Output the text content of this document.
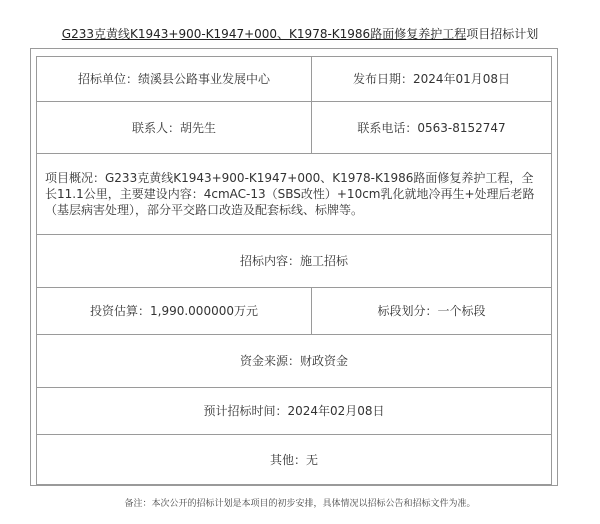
G233克黄线K1943+900-K1947+000、K1978-K1986路面修复养护工程项目招标计划
招标单位：绩溪县公路事业发展中心	发布日期：2024年01月08日
联系人：胡先生	联系电话：0563-8152747
项目概况：G233克黄线K1943+900-K1947+000、K1978-K1986路面修复养护工程，全长11.1公里，主要建设内容：4cmAC-13（SBS改性）+10cm乳化就地冷再生+处理后老路（基层病害处理），部分平交路口改造及配套标线、标牌等。	
招标内容：施工招标	
投资估算：1,990.000000万元	标段划分：一个标段
资金来源：财政资金	
预计招标时间：2024年02月08日	
其他：无	
备注：本次公开的招标计划是本项目的初步安排，具体情况以招标公告和招标文件为准。
